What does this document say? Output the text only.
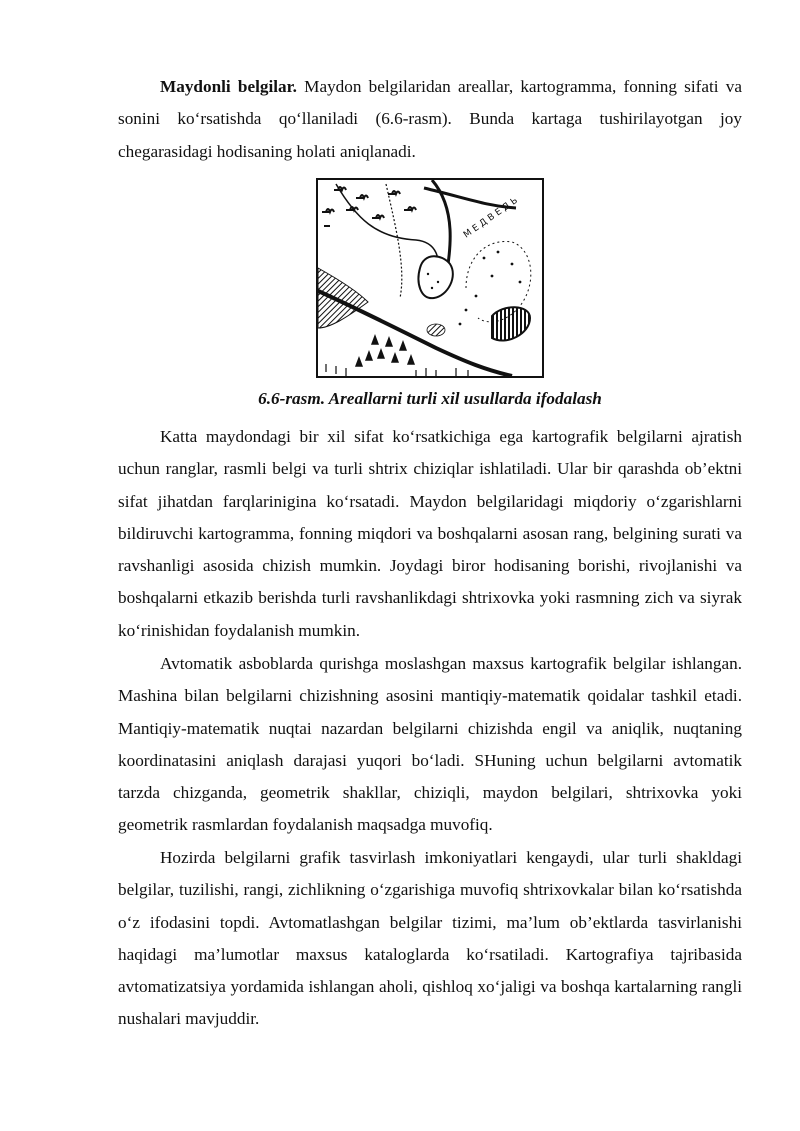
Maydonli belgilar. Maydon belgilaridan areallar, kartogramma, fonning sifati va sonini ko‘rsatishda qo‘llaniladi (6.6-rasm). Bunda kartaga tushirilayotgan joy chegarasidagi hodisaning holati aniqlanadi.

МЕДВЕДЬ
6.6-rasm. Areallarni turli xil usullarda ifodalash

Katta maydondagi bir xil sifat ko‘rsatkichiga ega kartografik belgilarni ajratish uchun ranglar, rasmli belgi va turli shtrix chiziqlar ishlatiladi. Ular bir qarashda ob’ektni sifat jihatdan farqlariniginа ko‘rsatadi. Maydon belgilaridagi miqdoriy o‘zgarishlarni bildiruvchi kartogramma, fonning miqdori va boshqalarni asosan rang, belgining surati va ravshanligi asosida chizish mumkin. Joydagi biror hodisaning borishi, rivojlanishi va boshqalarni etkazib berishda turli ravshanlikdagi shtrixovka yoki rasmning zich va siyrak ko‘rinishidan foydalanish mumkin.

Avtomatik asboblarda qurishga moslashgan maxsus kartografik belgilar ishlangan. Mashina bilan belgilarni chizishning asosini mantiqiy-matematik qoidalar tashkil etadi. Mantiqiy-matematik nuqtai nazardan belgilarni chizishda engil va aniqlik, nuqtaning koordinatasini aniqlash darajasi yuqori bo‘ladi. SHuning uchun belgilarni avtomatik tarzda chizganda, geometrik shakllar, chiziqli, maydon belgilari, shtrixovka yoki geometrik rasmlardan foydalanish maqsadga muvofiq.

Hozirda belgilarni grafik tasvirlash imkoniyatlari kengaydi, ular turli shakldagi belgilar, tuzilishi, rangi, zichlikning o‘zgarishiga muvofiq shtrixovkalar bilan ko‘rsatishda o‘z ifodasini topdi. Avtomatlashgan belgilar tizimi, ma’lum ob’ektlarda tasvirlanishi haqidagi ma’lumotlar maxsus kataloglarda ko‘rsatiladi. Kartografiya tajribasida avtomatizatsiya yordamida ishlangan aholi, qishloq xo‘jaligi va boshqa kartalarning rangli nushalari mavjuddir.
